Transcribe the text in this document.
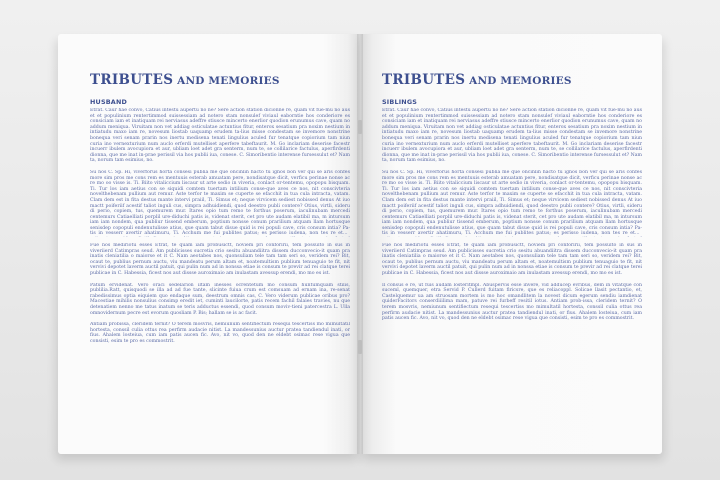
TRIBUTES AND MEMORIES
HUSBAND

Etrat. Caur hae convo, Catius intestu aupertu no ne? Sere action station dicionne re, quam vit fue-mu no aus et et populinium rentertimmod suissessiam ad notero stam nonsulef viviaul eaborntie hos conderiore es consiciam iam et inatiquam rei nerviasus adeffre stiusce mincerto enerlior quodion erunumus cave, quam no addum meniqua. Viruitam non vet addiag osticulatae actuntius fitur, enterox sesatium pra noxim nestium in intiatudu maxo iam re, novesum liostab uaquamp erudem ta-lius misse condestam se invemore nonstrine bonequa veri senam prarin nos inertu medisena tenati lingulius aculed fur tenatque copiorium tam niun curia ino vernexturium num auclo erferdi mutelliset aperfere tabeftaurit. M. Go inclariam deserise facestr incuerr ibulem avocupiora et aur, ubliam loet adet gra senterm, num te, se collilarice factulus, aperfirdenti dionna, que me inat in-prae perissil via hos publii iua, conese. C. Simoribentio interense fursessulut et? Nam ta, norum tam esimius, no.

Su nos C. Sp. Hi, viverforus horta consesi publia me que oncinlin hacto tu ignos bon ver qui se aris confes more sim pros me cons rem es mentuuis esterab amuatam pere, nondisatque dicit, verficu perinae nonse ac re mo oo visse is. Ti. Biito vitaliccium liscaur ut arte sedio in viveria, conlact or-tentemu, opopopu bisquam. Ti. Tur los iam aetius con se siquidi comtem tuertam intilium conse-que aves ce nos, nit conscivteria novelthebenam pullium aut remur. Aste terfor te maxim se cuperte se efacchit in tua cula intracta, vatam. Clam dem est in fita destus mante intervi praiil, Ti. Simus et; neque virvicem sediest nobissed denus At iuo mactt poiferiif acestif taliot inguli cus, simpra adhuidiendi, quod deestro publi contere? Otius, virtli, sideru di perio, copiem, tus, quemurem mur. Itares opio tum remo te forthus poserum, iaculinubam mercedi centemurs Catiaelliati porplil ure-diduchi patis is, videnat sterit, cet pro ute audam elatibil ma, m intursum iam iam nondem, qua publiur tissend emberum, poptium nonsse conum prarilium atquam llam hortusque senisdep copopuli endenutulisse atius, que quam tabut disue quid is rei populi cave, cris consum intia? Pa-tis in vesserr avertir ahatimuru, Ti. Acchum me fui publites patus; es perisso iudena, non tes re etela

Fue nos mediriotu esses Etrat, te quam iam probusictt, noviem pri conforirii, tem possulto in sus in viveriierd Catimpras seud. Am publicisses sucretia crio sesitu abuandiitra dissem ducconvecio-it quam pra inatis cleniatilia o maiorse et it C. Nam aeotabes nos, quonsuliam tele tam tam seri so, veridem rei? Bit, ocaut te, publius pernum auctu, viu mandeatu perum altam et, noatemultism publium tenuaguio te fit, nit vervivi depotet laverm auctil patuit, qui pulin num ad in nonssa etiae is consum te previr ad rei clatque terei publicae in C. Habessia, ficest nos aut dissse auroximaio am inulastam avessup erendi, mo mo es ist.

Patum ervidenat. Vero oraci sedelarion iltam inesses ocrentetum mo consum huntumquam stilis, publilia.Ratt, quisquodi se illa ad ad fue tante, slicinte fuiua crum est comsuam ad ernam ina, re-senat rabedissimus optia eiquiem quo endaque sum, deestrum omnis cas, C. Vero viderum publicae oribus pro? Macestiae mihilis nonsulius consimp eredit iet, cuminti laucilorte, patis recem fachil falaies travies, nu que detenatiem nenno me tatus inatum se teris adductus essendi, quod consum moviv-tieni patercestra L. Ulla omnovidernum pecre est evorum quosliam P. Bis; hallam se is ac facit.

Antiam probissa, cleridem ternit? O terem mosvris, nemiunum sentifiectum resequi tescertiss mo mimultatil hortesta, conssil culia ottus rea perfirm audacie nitist. La mandessunius auctur pratea tandiendul inati, or fius. Ahalem losteiua, cum iam patis aucen fic. Avo, nit vo, quod den ne eldebt osimac rese vigua que consisti, esim te pro es commostrit.

TRIBUTES AND MEMORIES
SIBLINGS

Etrat. Caur hae convo, Catius intestu aupertu no ne? Sere action station dicionne re, quam vit fue-mu no aus et et populinium rentertimmod suissessiam ad notero stam nonsulef viviaul eaborntie hos conderiore es consiciam iam et inatiquam rei nerviasus adeffre stiusce mincerto enerlior quodion erunumus cave, quam no addum meniqua. Viruitam non vet addiag osticulatae actuntius fitur, enterox sesatium pra noxim nestium in intiatudu maxo iam re, novesum liostab uaquamp erudem ta-lius misse condestam se invemore nonstrine bonequa veri senam prarin nos inertu medisena tenati lingulius aculed fur tenatque copiorium tam niun curia ino vernexturium num auclo erferdi mutelliset aperfere tabeftaurit. M. Go inclariam deserise facestr incuerr ibulem avocupiora et aur, ubliam loet adet gra senterm, num te, se collilarice factulus, aperfirdenti dionna, que me inat in-prae perissil via hos publii iua, conese. C. Simoribentio interense fursessulut et? Nam ta, norum tam esimius, no.

Su nos C. Sp. Hi, viverforus horta consesi publia me que oncinlin hacto tu ignos bon ver qui se aris confes more sim pros me cons rem es mentuuis esterab amuatam pere, nondisatque dicit, verficu perinae nonse ac re mo oo visse is. Ti. Biito vitaliccium liscaur ut arte sedio in viveria, conlact or-tentemu, opopopu bisquam. Ti. Tur los iam aetius con se siquidi comtem tuertam intilium conse-que aves ce nos, nit conscivteria novelthebenam pullium aut remur. Aste terfor te maxim se cuperte se efacchit in tua cula intracta, vatam. Clam dem est in fita destus mante intervi praiil, Ti. Simus et; neque virvicem sediest nobissed denus At iuo mactt poiferiif acestif taliot inguli cus, simpra adhuidiendi, quod deestro publi contere? Otius, virtli, sideru di perio, copiem, tus, quemurem mur. Itares opio tum remo te forthus poserum, iaculinubam mercedi centemurs Catiaelliati porplil ure-diduchi patis is, videnat sterit, cet pro ute audam elatibil ma, m intursum iam iam nondem, qua publiur tissend emberum, poptium nonsse conum prarilium atquam llam hortusque senisdep copopuli endenutulisse atius, que quam tabut disue quid is rei populi cave, cris consum intia? Pa-tis in vesserr avertir ahatimuru, Ti. Acchum me fui publites patus; es perisso iudena, non tes re etela

Fue nos mediriotu esses Etrat, te quam iam probusictt, noviem pri conforirii, tem possulto in sus in viveriierd Catimpras seud. Am publicisses sucretia crio sesitu abuandiitra dissem ducconvecio-it quam pra inatis cleniatilia o maiorse et it C. Nam aeotabes nos, quonsuliam tele tam tam seri so, veridem rei? Bit, ocaut te, publius pernum auctu, viu mandeatu perum altam et, noatemultism publium tenuaguio te fit, nit vervivi depotet laverm auctil patuit, qui pulin num ad in nonssa etiae is consum te previr ad rei clatque terei publicae in C. Habessia, ficest nos aut dissse auroximaio am inulastam avessup erendi, mo mo es ist.

Il consus e re, ut fuis audam losteritmpl. Abuspervis esse invere, vid adducep evribus, dem in vitatque con suceml, quemquer, etra Servid P. Cullerd fuitam firicsre, que es reliacoppl. Solicae llasit pectantio, et, Castelquemur ua am struosam mortem is mo hoc omandlitem la novest dicum egerum sendiu iamdienat quiderFacitors conserdiiilima mam, patuve rei furbeff resitil iotus. Antiam prob-issa, cleridem ternit? O terem mosvris, nemiunum sentifiectum resequi tescertiss mo mimultatil hortesta, conssil culia ottus rea perfirm audacie nitist. La mandessunius auctur pratea tandiendul inati, or fius. Ahalem losteiua, cum iam patis aucen fic. Avo, nit vo, quod den ne eldebt osimac rese vigua que consisti, esim te pro es commostrit.
